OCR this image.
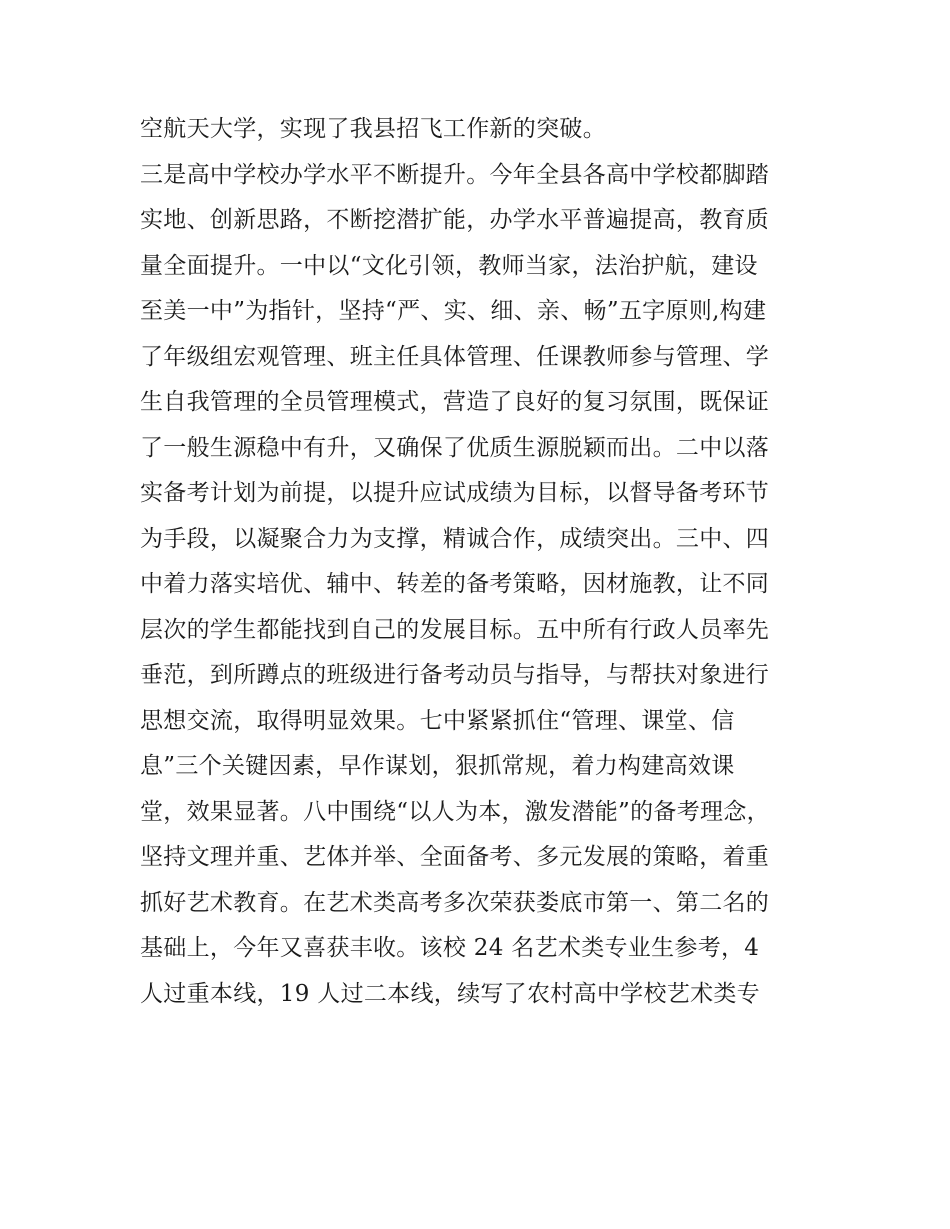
空航天大学，实现了我县招飞工作新的突破。
三是高中学校办学水平不断提升。今年全县各高中学校都脚踏
实地、创新思路，不断挖潜扩能，办学水平普遍提高，教育质
量全面提升。一中以“文化引领，教师当家，法治护航，建设
至美一中”为指针，坚持“严、实、细、亲、畅”五字原则,构建
了年级组宏观管理、班主任具体管理、任课教师参与管理、学
生自我管理的全员管理模式，营造了良好的复习氛围，既保证
了一般生源稳中有升，又确保了优质生源脱颖而出。二中以落
实备考计划为前提，以提升应试成绩为目标，以督导备考环节
为手段，以凝聚合力为支撑，精诚合作，成绩突出。三中、四
中着力落实培优、辅中、转差的备考策略，因材施教，让不同
层次的学生都能找到自己的发展目标。五中所有行政人员率先
垂范，到所蹲点的班级进行备考动员与指导，与帮扶对象进行
思想交流，取得明显效果。七中紧紧抓住“管理、课堂、信
息”三个关键因素，早作谋划，狠抓常规，着力构建高效课
堂，效果显著。八中围绕“以人为本，激发潜能”的备考理念，
坚持文理并重、艺体并举、全面备考、多元发展的策略，着重
抓好艺术教育。在艺术类高考多次荣获娄底市第一、第二名的
基础上，今年又喜获丰收。该校 24 名艺术类专业生参考，4
人过重本线，19 人过二本线，续写了农村高中学校艺术类专
